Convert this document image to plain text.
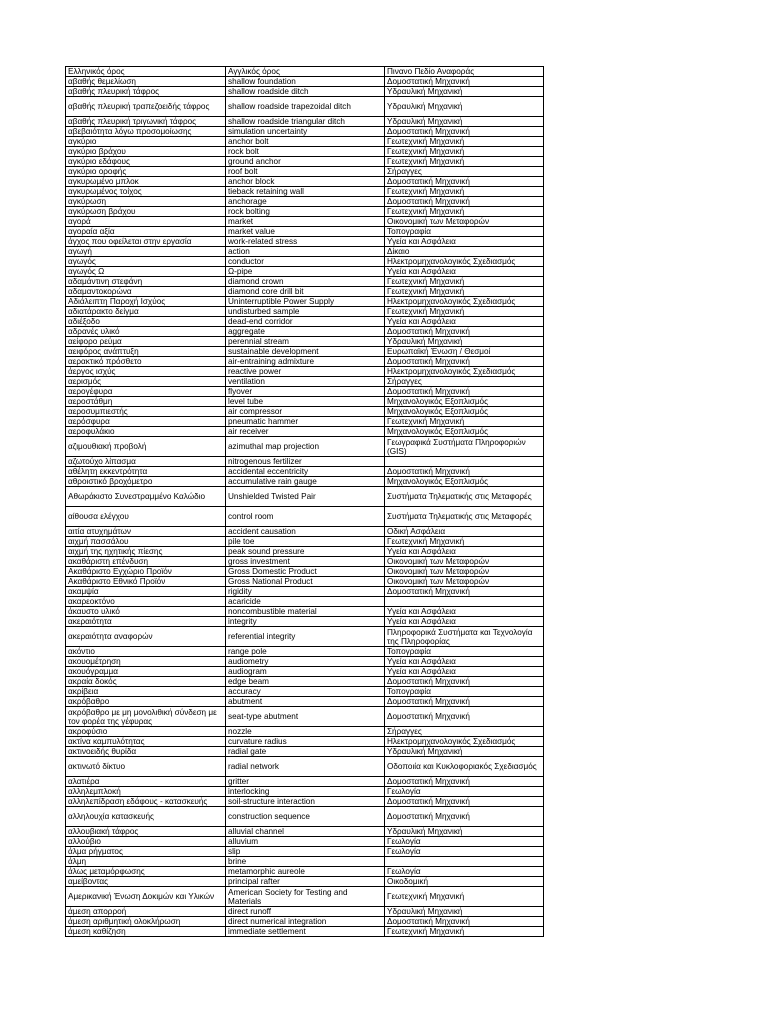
Ελληνικός όρος	Αγγλικός όρος	Πινανο Πεδίο Αναφοράς
αβαθής θεμελίωση	shallow foundation	Δομοστατική Μηχανική
αβαθής πλευρική τάφρος	shallow roadside ditch	Υδραυλική Μηχανική
αβαθής πλευρική τραπεζοειδής τάφρος	shallow roadside trapezoidal ditch	Υδραυλική Μηχανική
αβαθής πλευρική τριγωνική τάφρος	shallow roadside triangular ditch	Υδραυλική Μηχανική
αβεβαιότητα λόγω προσομοίωσης	simulation uncertainty	Δομοστατική Μηχανική
αγκύριο	anchor bolt	Γεωτεχνική Μηχανική
αγκύριο βράχου	rock bolt	Γεωτεχνική Μηχανική
αγκύριο εδάφους	ground anchor	Γεωτεχνική Μηχανική
αγκύριο οροφής	roof bolt	Σήραγγες
αγκυρωμένο μπλοκ	anchor block	Δομοστατική Μηχανική
αγκυρωμένος τοίχος	tieback retaining wall	Γεωτεχνική Μηχανική
αγκύρωση	anchorage	Δομοστατική Μηχανική
αγκύρωση βράχου	rock bolting	Γεωτεχνική Μηχανική
αγορά	market	Οικονομική των Μεταφορών
αγοραία αξία	market value	Τοπογραφία
άγχος που οφείλεται στην εργασία	work-related stress	Υγεία και Ασφάλεια
αγωγή	action	Δίκαιο
αγωγός	conductor	Ηλεκτρομηχανολογικός Σχεδιασμός
αγωγός Ω	Ω-pipe	Υγεία και Ασφάλεια
αδαμάντινη στεφάνη	diamond crown	Γεωτεχνική Μηχανική
αδαμαντοκορώνα	diamond core drill bit	Γεωτεχνική Μηχανική
Αδιάλειπτη Παροχή Ισχύος	Uninterruptible Power Supply	Ηλεκτρομηχανολογικός Σχεδιασμός
αδιατάρακτο δείγμα	undisturbed sample	Γεωτεχνική Μηχανική
αδιέξοδο	dead-end corridor	Υγεία και Ασφάλεια
αδρανές υλικό	aggregate	Δομοστατική Μηχανική
αείφορο ρεύμα	perennial stream	Υδραυλική Μηχανική
αειφόρος ανάπτυξη	sustainable development	Ευρωπαϊκή Ένωση / Θεσμοί
αερακτικό πρόσθετο	air-entraining admixture	Δομοστατική Μηχανική
άεργος ισχύς	reactive power	Ηλεκτρομηχανολογικός Σχεδιασμός
αερισμός	ventilation	Σήραγγες
αερογέφυρα	flyover	Δομοστατική Μηχανική
αεροστάθμη	level tube	Μηχανολογικός Εξοπλισμός
αεροσυμπιεστής	air compressor	Μηχανολογικός Εξοπλισμός
αερόσφυρα	pneumatic hammer	Γεωτεχνική Μηχανική
αεροφυλάκιο	air receiver	Μηχανολογικός Εξοπλισμός
αζιμουθιακή προβολή	azimuthal map projection	Γεωγραφικά Συστήματα Πληροφοριών (GIS)
αζωτούχο λίπασμα	nitrogenous fertilizer	
αθέλητη εκκεντρότητα	accidental eccentricity	Δομοστατική Μηχανική
αθροιστικό βροχόμετρο	accumulative rain gauge	Μηχανολογικός Εξοπλισμός
Αθωράκιστο Συνεστραμμένο Καλώδιο	Unshielded Twisted Pair	Συστήματα Τηλεματικής στις Μεταφορές
αίθουσα ελέγχου	control room	Συστήματα Τηλεματικής στις Μεταφορές
αιτία ατυχημάτων	accident causation	Οδική Ασφάλεια
αιχμή πασσάλου	pile toe	Γεωτεχνική Μηχανική
αιχμή της ηχητικής πίεσης	peak sound pressure	Υγεία και Ασφάλεια
ακαθάριστη επένδυση	gross investment	Οικονομική των Μεταφορών
Ακαθάριστο Εγχώριο Προϊόν	Gross Domestic Product	Οικονομική των Μεταφορών
Ακαθάριστο Εθνικό Προϊόν	Gross National Product	Οικονομική των Μεταφορών
ακαμψία	rigidity	Δομοστατική Μηχανική
ακαρεοκτόνο	acaricide	
άκαυστο υλικό	noncombustible material	Υγεία και Ασφάλεια
ακεραιότητα	integrity	Υγεία και Ασφάλεια
ακεραιότητα αναφορών	referential integrity	Πληροφορικά Συστήματα και Τεχνολογία της Πληροφορίας
ακόντιο	range pole	Τοπογραφία
ακουομέτρηση	audiometry	Υγεία και Ασφάλεια
ακουόγραμμα	audiogram	Υγεία και Ασφάλεια
ακραία δοκός	edge beam	Δομοστατική Μηχανική
ακρίβεια	accuracy	Τοπογραφία
ακρόβαθρο	abutment	Δομοστατική Μηχανική
ακρόβαθρο με μη μονολιθική σύνδεση με τον φορέα της γέφυρας	seat-type abutment	Δομοστατική Μηχανική
ακροφύσιο	nozzle	Σήραγγες
ακτίνα καμπυλότητας	curvature radius	Ηλεκτρομηχανολογικός Σχεδιασμός
ακτινοειδής θυρίδα	radial gate	Υδραυλική Μηχανική
ακτινωτό δίκτυο	radial network	Οδοποιία και Κυκλοφοριακός Σχεδιασμός
αλατιέρα	gritter	Δομοστατική Μηχανική
αλληλεμπλοκή	interlocking	Γεωλογία
αλληλεπίδραση εδάφους - κατασκευής	soil-structure interaction	Δομοστατική Μηχανική
αλληλουχία κατασκευής	construction sequence	Δομοστατική Μηχανική
αλλουβιακή τάφρος	alluvial channel	Υδραυλική Μηχανική
αλλούβιο	alluvium	Γεωλογία
άλμα ρήγματος	slip	Γεωλογία
άλμη	brine	
άλως μεταμόρφωσης	metamorphic aureole	Γεωλογία
αμείβοντας	principal rafter	Οικοδομική
Αμερικανική Ένωση Δοκιμών και Υλικών	American Society for Testing and Materials	Γεωτεχνική Μηχανική
άμεση απορροή	direct runoff	Υδραυλική Μηχανική
άμεση αριθμητική ολοκλήρωση	direct numerical integration	Δομοστατική Μηχανική
άμεση καθίζηση	immediate settlement	Γεωτεχνική Μηχανική
